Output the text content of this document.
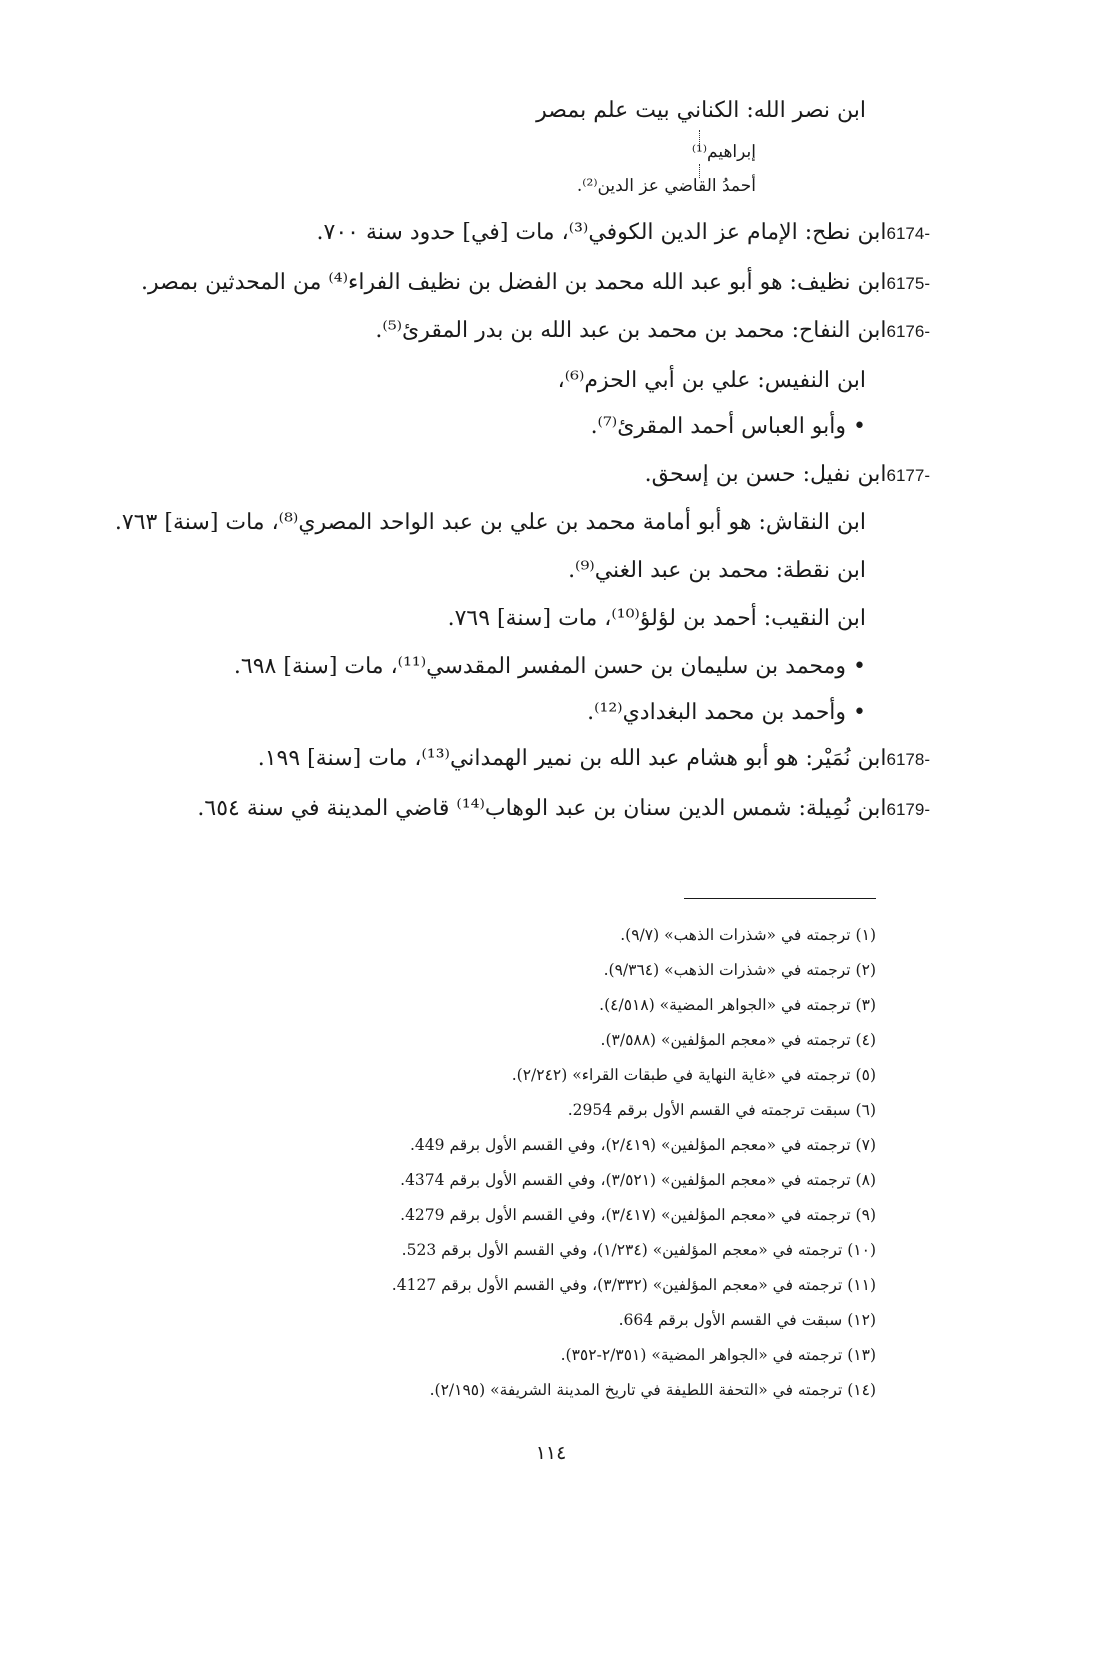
ابن نصر الله: الكناني بيت علم بمصر
إبراهيم⁽¹⁾
أحمدُ القاضي عز الدين⁽²⁾.
6174-ابن نطح: الإمام عز الدين الكوفي⁽³⁾، مات [في] حدود سنة ٧٠٠.
6175-ابن نظيف: هو أبو عبد الله محمد بن الفضل بن نظيف الفراء⁽⁴⁾ من المحدثين بمصر.
6176-ابن النفاح: محمد بن محمد بن عبد الله بن بدر المقرئ⁽⁵⁾.
ابن النفيس: علي بن أبي الحزم⁽⁶⁾،
• وأبو العباس أحمد المقرئ⁽⁷⁾.
6177-ابن نفيل: حسن بن إسحق.
ابن النقاش: هو أبو أمامة محمد بن علي بن عبد الواحد المصري⁽⁸⁾، مات [سنة] ٧٦٣.
ابن نقطة: محمد بن عبد الغني⁽⁹⁾.
ابن النقيب: أحمد بن لؤلؤ⁽¹⁰⁾، مات [سنة] ٧٦٩.
• ومحمد بن سليمان بن حسن المفسر المقدسي⁽¹¹⁾، مات [سنة] ٦٩٨.
• وأحمد بن محمد البغدادي⁽¹²⁾.
6178-ابن نُمَيْر: هو أبو هشام عبد الله بن نمير الهمداني⁽¹³⁾، مات [سنة] ١٩٩.
6179-ابن نُمِيلة: شمس الدين سنان بن عبد الوهاب⁽¹⁴⁾ قاضي المدينة في سنة ٦٥٤.
(١) ترجمته في «شذرات الذهب» (٩/٧).
(٢) ترجمته في «شذرات الذهب» (٩/٣٦٤).
(٣) ترجمته في «الجواهر المضية» (٤/٥١٨).
(٤) ترجمته في «معجم المؤلفين» (٣/٥٨٨).
(٥) ترجمته في «غاية النهاية في طبقات القراء» (٢/٢٤٢).
(٦) سبقت ترجمته في القسم الأول برقم 2954.
(٧) ترجمته في «معجم المؤلفين» (٢/٤١٩)، وفي القسم الأول برقم 449.
(٨) ترجمته في «معجم المؤلفين» (٣/٥٢١)، وفي القسم الأول برقم 4374.
(٩) ترجمته في «معجم المؤلفين» (٣/٤١٧)، وفي القسم الأول برقم 4279.
(١٠) ترجمته في «معجم المؤلفين» (١/٢٣٤)، وفي القسم الأول برقم 523.
(١١) ترجمته في «معجم المؤلفين» (٣/٣٣٢)، وفي القسم الأول برقم 4127.
(١٢) سبقت في القسم الأول برقم 664.
(١٣) ترجمته في «الجواهر المضية» (٢/٣٥١-٣٥٢).
(١٤) ترجمته في «التحفة اللطيفة في تاريخ المدينة الشريفة» (٢/١٩٥).
١١٤
